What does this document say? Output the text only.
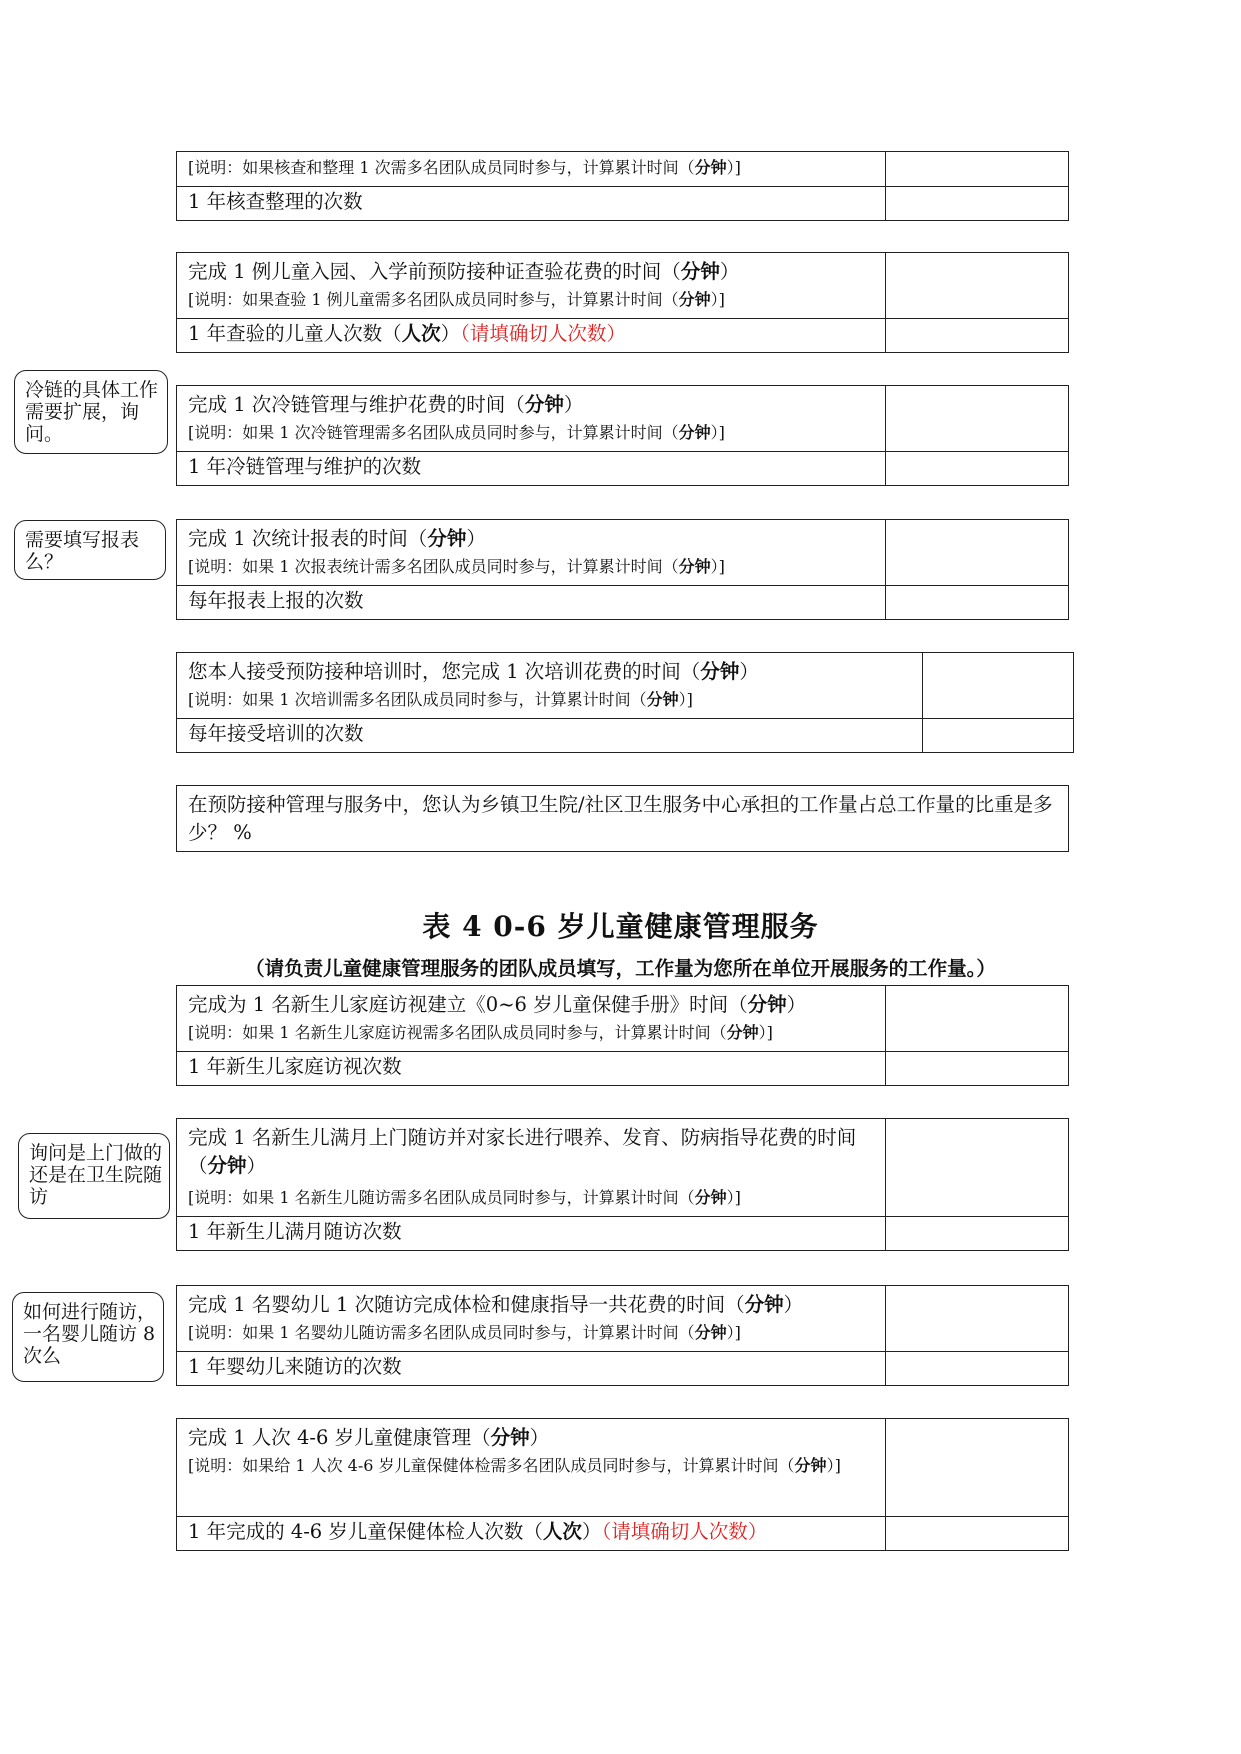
[说明：如果核查和整理 1 次需多名团队成员同时参与，计算累计时间（分钟）]	

1 年核查整理的次数	

完成 1 例儿童入园、入学前预防接种证查验花费的时间（分钟）
[说明：如果查验 1 例儿童需多名团队成员同时参与，计算累计时间（分钟）]	

1 年查验的儿童人次数（人次）（请填确切人次数）	

完成 1 次冷链管理与维护花费的时间（分钟）
[说明：如果 1 次冷链管理需多名团队成员同时参与，计算累计时间（分钟）]	

1 年冷链管理与维护的次数	

完成 1 次统计报表的时间（分钟）
[说明：如果 1 次报表统计需多名团队成员同时参与，计算累计时间（分钟）]	

每年报表上报的次数	

您本人接受预防接种培训时，您完成 1 次培训花费的时间（分钟）
[说明：如果 1 次培训需多名团队成员同时参与，计算累计时间（分钟）]	

每年接受培训的次数	

在预防接种管理与服务中，您认为乡镇卫生院/社区卫生服务中心承担的工作量占总工作量的比重是多少？ %
表 4 0-6 岁儿童健康管理服务
（请负责儿童健康管理服务的团队成员填写，工作量为您所在单位开展服务的工作量。）
完成为 1 名新生儿家庭访视建立《0~6 岁儿童保健手册》时间（分钟）
[说明：如果 1 名新生儿家庭访视需多名团队成员同时参与，计算累计时间（分钟）]	

1 年新生儿家庭访视次数	

完成 1 名新生儿满月上门随访并对家长进行喂养、发育、防病指导花费的时间（分钟）
[说明：如果 1 名新生儿随访需多名团队成员同时参与，计算累计时间（分钟）]	

1 年新生儿满月随访次数	

完成 1 名婴幼儿 1 次随访完成体检和健康指导一共花费的时间（分钟）
[说明：如果 1 名婴幼儿随访需多名团队成员同时参与，计算累计时间（分钟）]	

1 年婴幼儿来随访的次数	

完成 1 人次 4-6 岁儿童健康管理（分钟）
[说明：如果给 1 人次 4-6 岁儿童保健体检需多名团队成员同时参与，计算累计时间（分钟）]	

1 年完成的 4-6 岁儿童保健体检人次数（人次）（请填确切人次数）	

冷链的具体工作需要扩展，询问。
需要填写报表么？
询问是上门做的还是在卫生院随访
如何进行随访，一名婴儿随访 8 次么
